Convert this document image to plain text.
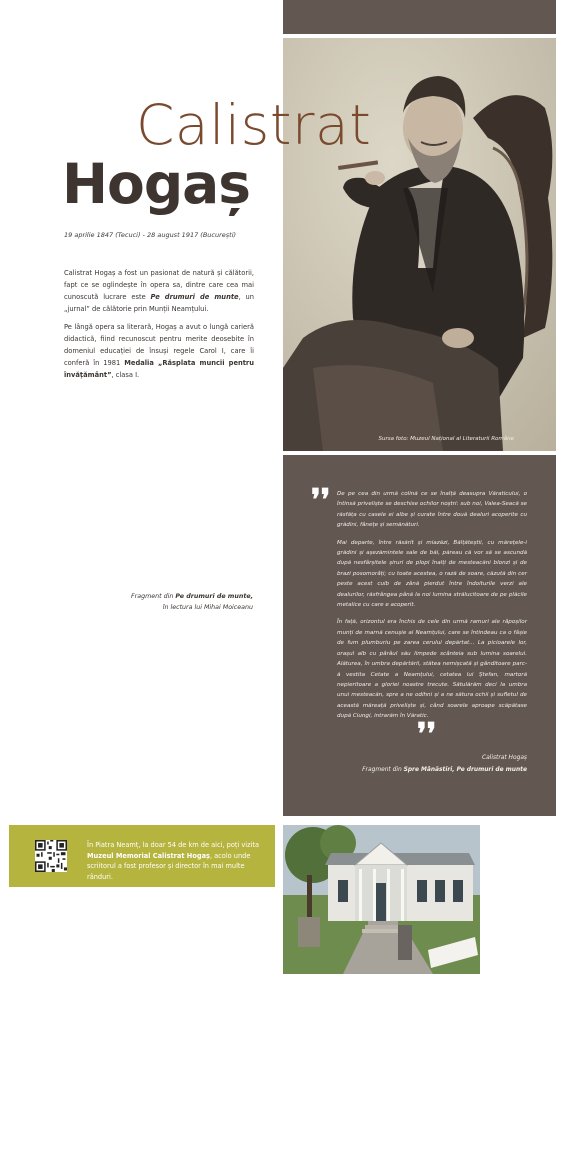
Sursa foto: Muzeul Național al Literaturii Române
Calistrat
Hogaș
19 aprilie 1847 (Tecuci) - 28 august 1917 (București)

Calistrat Hogaș a fost un pasionat de natură și călătorii, fapt ce se oglindește în opera sa, dintre care cea mai cunoscută lucrare este Pe drumuri de munte, un „jurnal” de călătorie prin Munții Neamțului.

Pe lângă opera sa literară, Hogaș a avut o lungă carieră didactică, fiind recunoscut pentru merite deosebite în domeniul educației de însuși regele Carol I, care îi conferă în 1981 Medalia „Răsplata muncii pentru învățământ”, clasa I.

Fragment din Pe drumuri de munte,
în lectura lui Mihai Moiceanu
❜❜ De pe cea din urmă colină ce se înalță deasupra Văraticului, o întinsă priveliște se deschise ochilor noștri: sub noi, Valea-Seacă se răsfăța cu casele ei albe și curate între două dealuri acoperite cu grădini, fânețe și semănături.

Mai departe, între răsărit și miazăzi, Bălțăteștii, cu mărețele-i grădini și așezămintele sale de băi, păreau că vor să se ascundă după nesfârșitele șiruri de plopi înalți de mesteacăni blonzi și de brazi posomorâți; cu toate acestea, o rază de soare, căzută din cer peste acest cuib de zână pierdut între îndoiturile verzi ale dealurilor, răsfrângea până la noi lumina strălucitoare de pe plăcile metalice cu care e acoperit.

În față, orizontul era închis de cele din urmă ramuri ale râpoșilor munți de marnă cenușie ai Neamțului, care se întindeau ca o fâșie de fum plumburiu pe zarea cerului depărtat... La picioarele lor, orașul alb cu pârâul său limpede scânteia sub lumina soarelui. Alăturea, în umbra depărtării, stătea nemișcată și gânditoare parc-ă vestita Cetate a Neamțului, cetatea lui Ștefan, martoră nepieritoare a gloriei noastre trecute. Sătulărăm deci la umbra unui mesteacăn, spre a ne odihni și a ne sătura ochii și sufletul de această măreață priveliște și, când soarele aproape scăpătase după Ciungi, intrarăm în Văratic.

❜❜
Calistrat Hogaș
Fragment din Spre Mânăstiri, Pe drumuri de munte
În Piatra Neamț, la doar 54 de km de aici, poți vizita Muzeul Memorial Calistrat Hogaș, acolo unde scriitorul a fost profesor și director în mai multe rânduri.
